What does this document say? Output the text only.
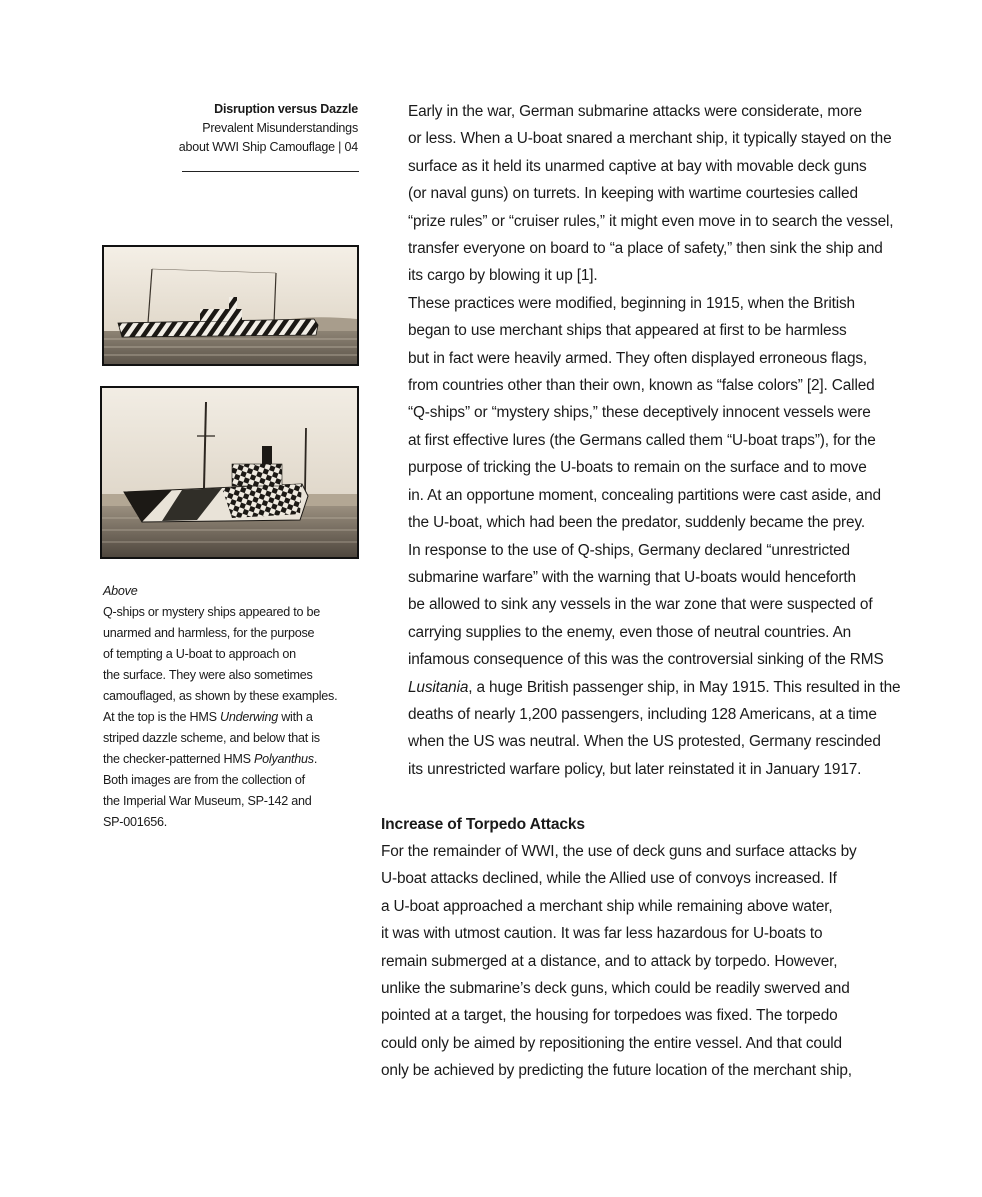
Disruption versus Dazzle
Prevalent Misunderstandings
about WWI Ship Camouflage | 04
Above
Q-ships or mystery ships appeared to be
unarmed and harmless, for the purpose
of tempting a U-boat to approach on
the surface. They were also sometimes
camouflaged, as shown by these examples.
At the top is the HMS Underwing with a
striped dazzle scheme, and below that is
the checker-patterned HMS Polyanthus.
Both images are from the collection of
the Imperial War Museum, SP-142 and
SP-001656.

Early in the war, German submarine attacks were considerate, more
or less. When a U-boat snared a merchant ship, it typically stayed on the
surface as it held its unarmed captive at bay with movable deck guns
(or naval guns) on turrets. In keeping with wartime courtesies called
“prize rules” or “cruiser rules,” it might even move in to search the vessel,
transfer everyone on board to “a place of safety,” then sink the ship and
its cargo by blowing it up [1].

These practices were modified, beginning in 1915, when the British
began to use merchant ships that appeared at first to be harmless
but in fact were heavily armed. They often displayed erroneous flags,
from countries other than their own, known as “false colors” [2]. Called
“Q-ships” or “mystery ships,” these deceptively innocent vessels were
at first effective lures (the Germans called them “U-boat traps”), for the
purpose of tricking the U-boats to remain on the surface and to move
in. At an opportune moment, concealing partitions were cast aside, and
the U-boat, which had been the predator, suddenly became the prey.

In response to the use of Q-ships, Germany declared “unrestricted
submarine warfare” with the warning that U-boats would henceforth
be allowed to sink any vessels in the war zone that were suspected of
carrying supplies to the enemy, even those of neutral countries. An
infamous consequence of this was the controversial sinking of the RMS
Lusitania, a huge British passenger ship, in May 1915. This resulted in the
deaths of nearly 1,200 passengers, including 128 Americans, at a time
when the US was neutral. When the US protested, Germany rescinded
its unrestricted warfare policy, but later reinstated it in January 1917.

Increase of Torpedo Attacks

For the remainder of WWI, the use of deck guns and surface attacks by
U-boat attacks declined, while the Allied use of convoys increased. If
a U-boat approached a merchant ship while remaining above water,
it was with utmost caution. It was far less hazardous for U-boats to
remain submerged at a distance, and to attack by torpedo. However,
unlike the submarine’s deck guns, which could be readily swerved and
pointed at a target, the housing for torpedoes was fixed. The torpedo
could only be aimed by repositioning the entire vessel. And that could
only be achieved by predicting the future location of the merchant ship,
